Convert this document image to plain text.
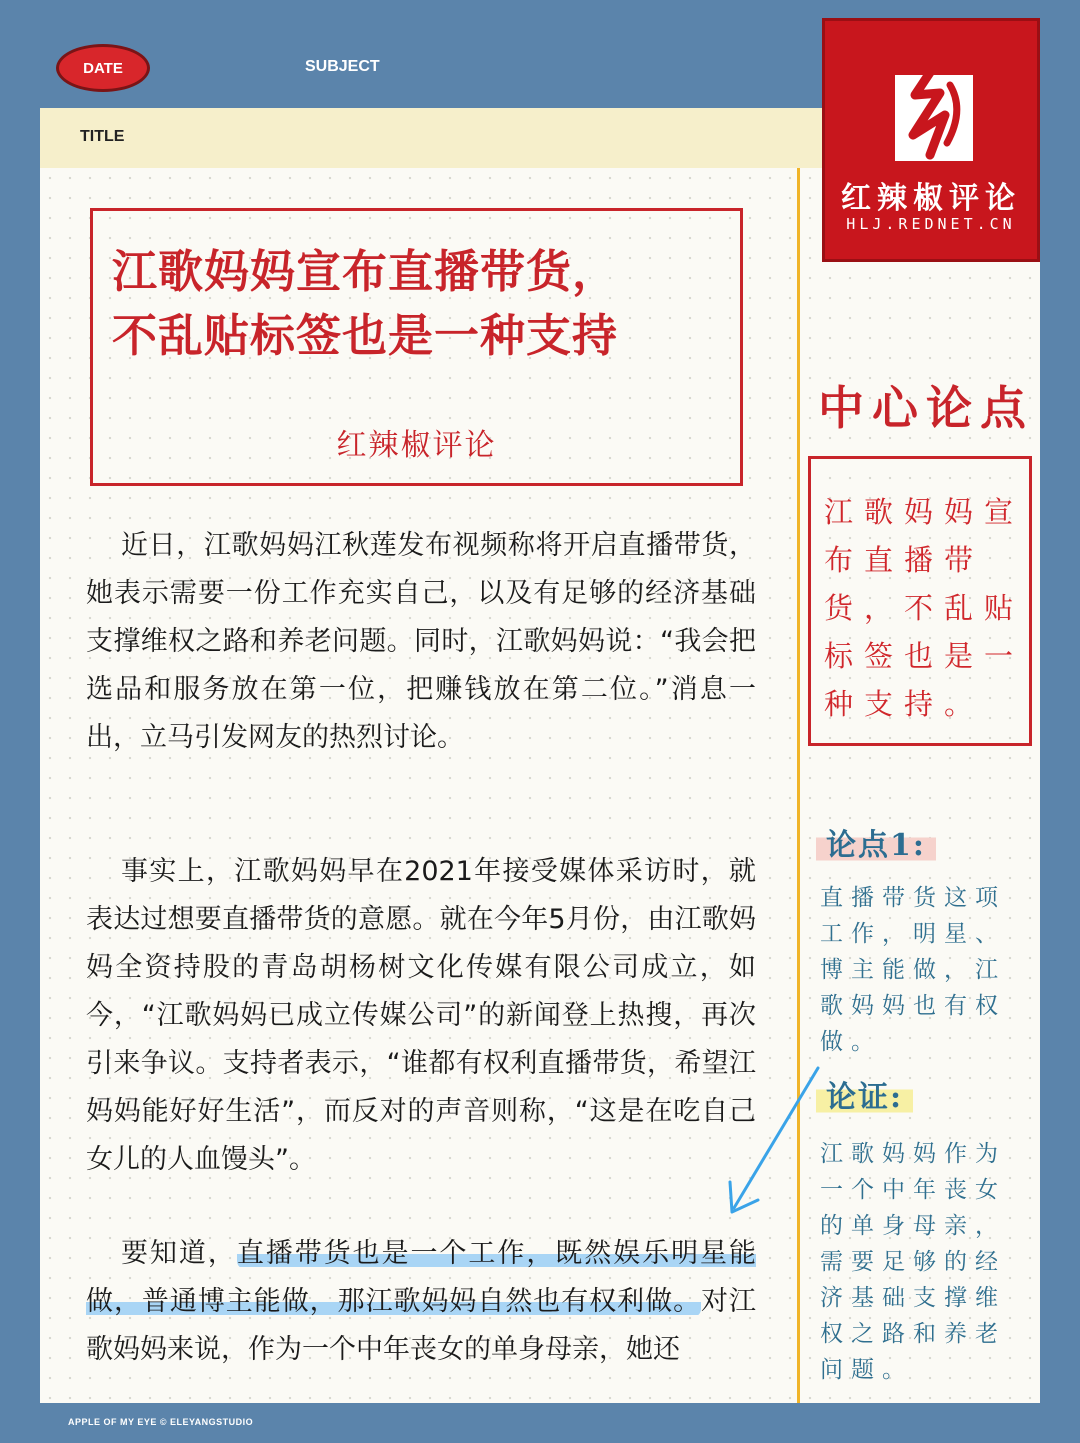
DATE	SUBJECT
TITLE
红辣椒评论
HLJ.REDNET.CN
江歌妈妈宣布直播带货，
不乱贴标签也是一种支持
红辣椒评论

近日，江歌妈妈江秋莲发布视频称将开启直播带货，她表示需要一份工作充实自己，以及有足够的经济基础支撑维权之路和养老问题。同时，江歌妈妈说：“我会把选品和服务放在第一位，把赚钱放在第二位。”消息一出，立马引发网友的热烈讨论。

事实上，江歌妈妈早在2021年接受媒体采访时，就表达过想要直播带货的意愿。就在今年5月份，由江歌妈妈全资持股的青岛胡杨树文化传媒有限公司成立，如今，“江歌妈妈已成立传媒公司”的新闻登上热搜，再次引来争议。支持者表示，“谁都有权利直播带货，希望江妈妈能好好生活”，而反对的声音则称，“这是在吃自己女儿的人血馒头”。

要知道，直播带货也是一个工作，既然娱乐明星能做，普通博主能做，那江歌妈妈自然也有权利做。对江歌妈妈来说，作为一个中年丧女的单身母亲，她还

中心论点
江歌妈妈宣布直播带货，不乱贴标签也是一种支持。
论点1:
直播带货这项工作，明星、博主能做，江歌妈妈也有权做。
论证:
江歌妈妈作为一个中年丧女的单身母亲，需要足够的经济基础支撑维权之路和养老问题。
APPLE OF MY EYE © ELEYANGSTUDIO
